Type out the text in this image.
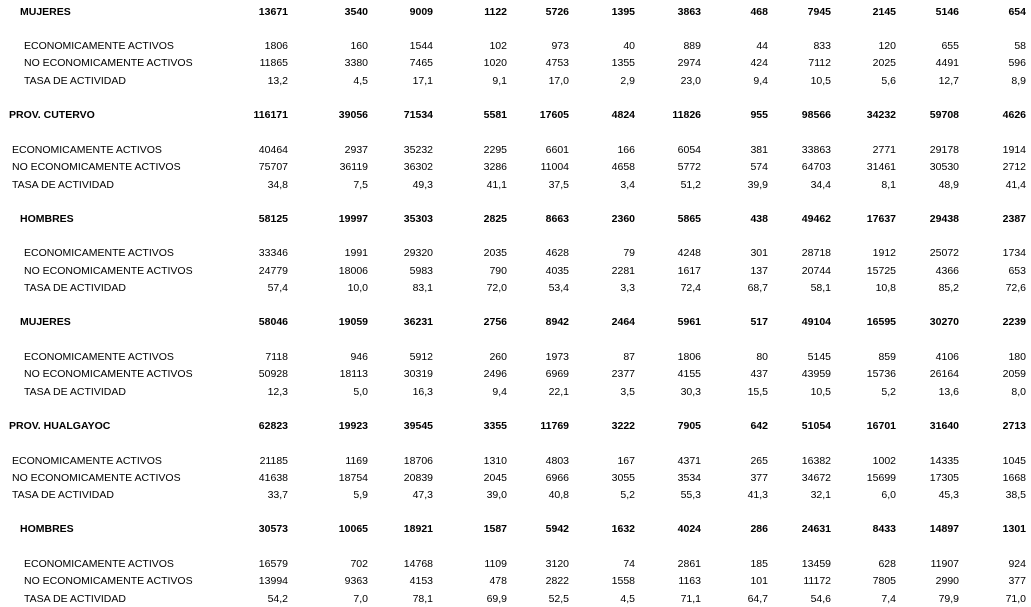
MUJERES	13671	3540	9009	1122	5726	1395	3863	468	7945	2145	5146	654
ECONOMICAMENTE ACTIVOS	1806	160	1544	102	973	40	889	44	833	120	655	58
NO ECONOMICAMENTE ACTIVOS	11865	3380	7465	1020	4753	1355	2974	424	7112	2025	4491	596
TASA DE ACTIVIDAD	13,2	4,5	17,1	9,1	17,0	2,9	23,0	9,4	10,5	5,6	12,7	8,9
PROV. CUTERVO	116171	39056	71534	5581	17605	4824	11826	955	98566	34232	59708	4626
ECONOMICAMENTE ACTIVOS	40464	2937	35232	2295	6601	166	6054	381	33863	2771	29178	1914
NO ECONOMICAMENTE ACTIVOS	75707	36119	36302	3286	11004	4658	5772	574	64703	31461	30530	2712
TASA DE ACTIVIDAD	34,8	7,5	49,3	41,1	37,5	3,4	51,2	39,9	34,4	8,1	48,9	41,4
HOMBRES	58125	19997	35303	2825	8663	2360	5865	438	49462	17637	29438	2387
ECONOMICAMENTE ACTIVOS	33346	1991	29320	2035	4628	79	4248	301	28718	1912	25072	1734
NO ECONOMICAMENTE ACTIVOS	24779	18006	5983	790	4035	2281	1617	137	20744	15725	4366	653
TASA DE ACTIVIDAD	57,4	10,0	83,1	72,0	53,4	3,3	72,4	68,7	58,1	10,8	85,2	72,6
MUJERES	58046	19059	36231	2756	8942	2464	5961	517	49104	16595	30270	2239
ECONOMICAMENTE ACTIVOS	7118	946	5912	260	1973	87	1806	80	5145	859	4106	180
NO ECONOMICAMENTE ACTIVOS	50928	18113	30319	2496	6969	2377	4155	437	43959	15736	26164	2059
TASA DE ACTIVIDAD	12,3	5,0	16,3	9,4	22,1	3,5	30,3	15,5	10,5	5,2	13,6	8,0
PROV. HUALGAYOC	62823	19923	39545	3355	11769	3222	7905	642	51054	16701	31640	2713
ECONOMICAMENTE ACTIVOS	21185	1169	18706	1310	4803	167	4371	265	16382	1002	14335	1045
NO ECONOMICAMENTE ACTIVOS	41638	18754	20839	2045	6966	3055	3534	377	34672	15699	17305	1668
TASA DE ACTIVIDAD	33,7	5,9	47,3	39,0	40,8	5,2	55,3	41,3	32,1	6,0	45,3	38,5
HOMBRES	30573	10065	18921	1587	5942	1632	4024	286	24631	8433	14897	1301
ECONOMICAMENTE ACTIVOS	16579	702	14768	1109	3120	74	2861	185	13459	628	11907	924
NO ECONOMICAMENTE ACTIVOS	13994	9363	4153	478	2822	1558	1163	101	11172	7805	2990	377
TASA DE ACTIVIDAD	54,2	7,0	78,1	69,9	52,5	4,5	71,1	64,7	54,6	7,4	79,9	71,0
